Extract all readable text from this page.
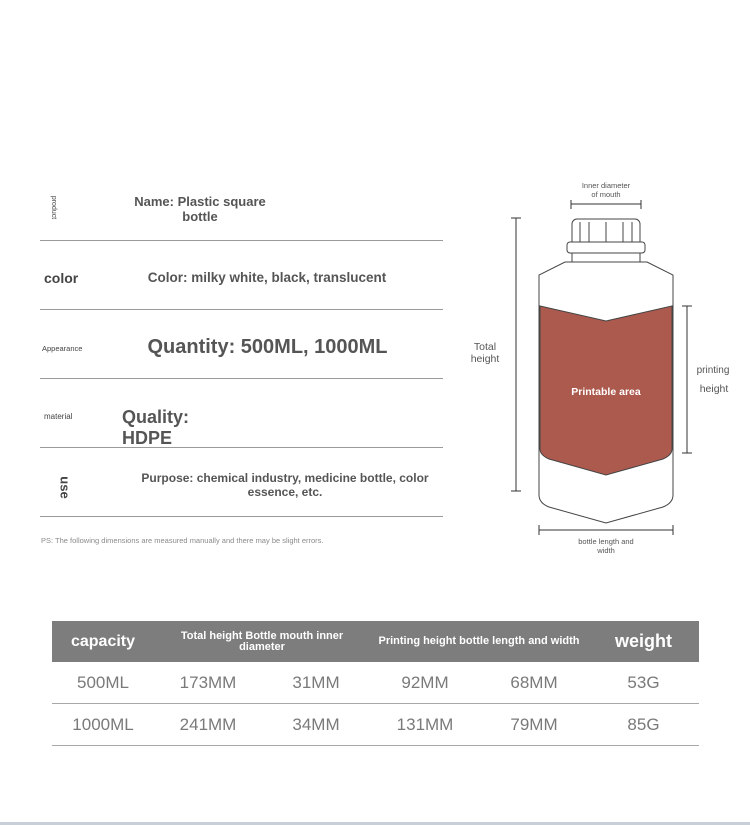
product	Name: Plastic square bottle
color	Color: milky white, black, translucent
Appearance	Quantity: 500ML, 1000ML
material	Quality: HDPE
use	Purpose: chemical industry, medicine bottle, color essence, etc.
PS: The following dimensions are measured manually and there may be slight errors.
Inner diameter
of mouth
Printable area
Total
height
printing
height
bottle length and
width
capacity	Total height Bottle mouth inner diameter		Printing height bottle length and width		weight
500ML	173MM	31MM	92MM	68MM	53G
1000ML	241MM	34MM	131MM	79MM	85G
